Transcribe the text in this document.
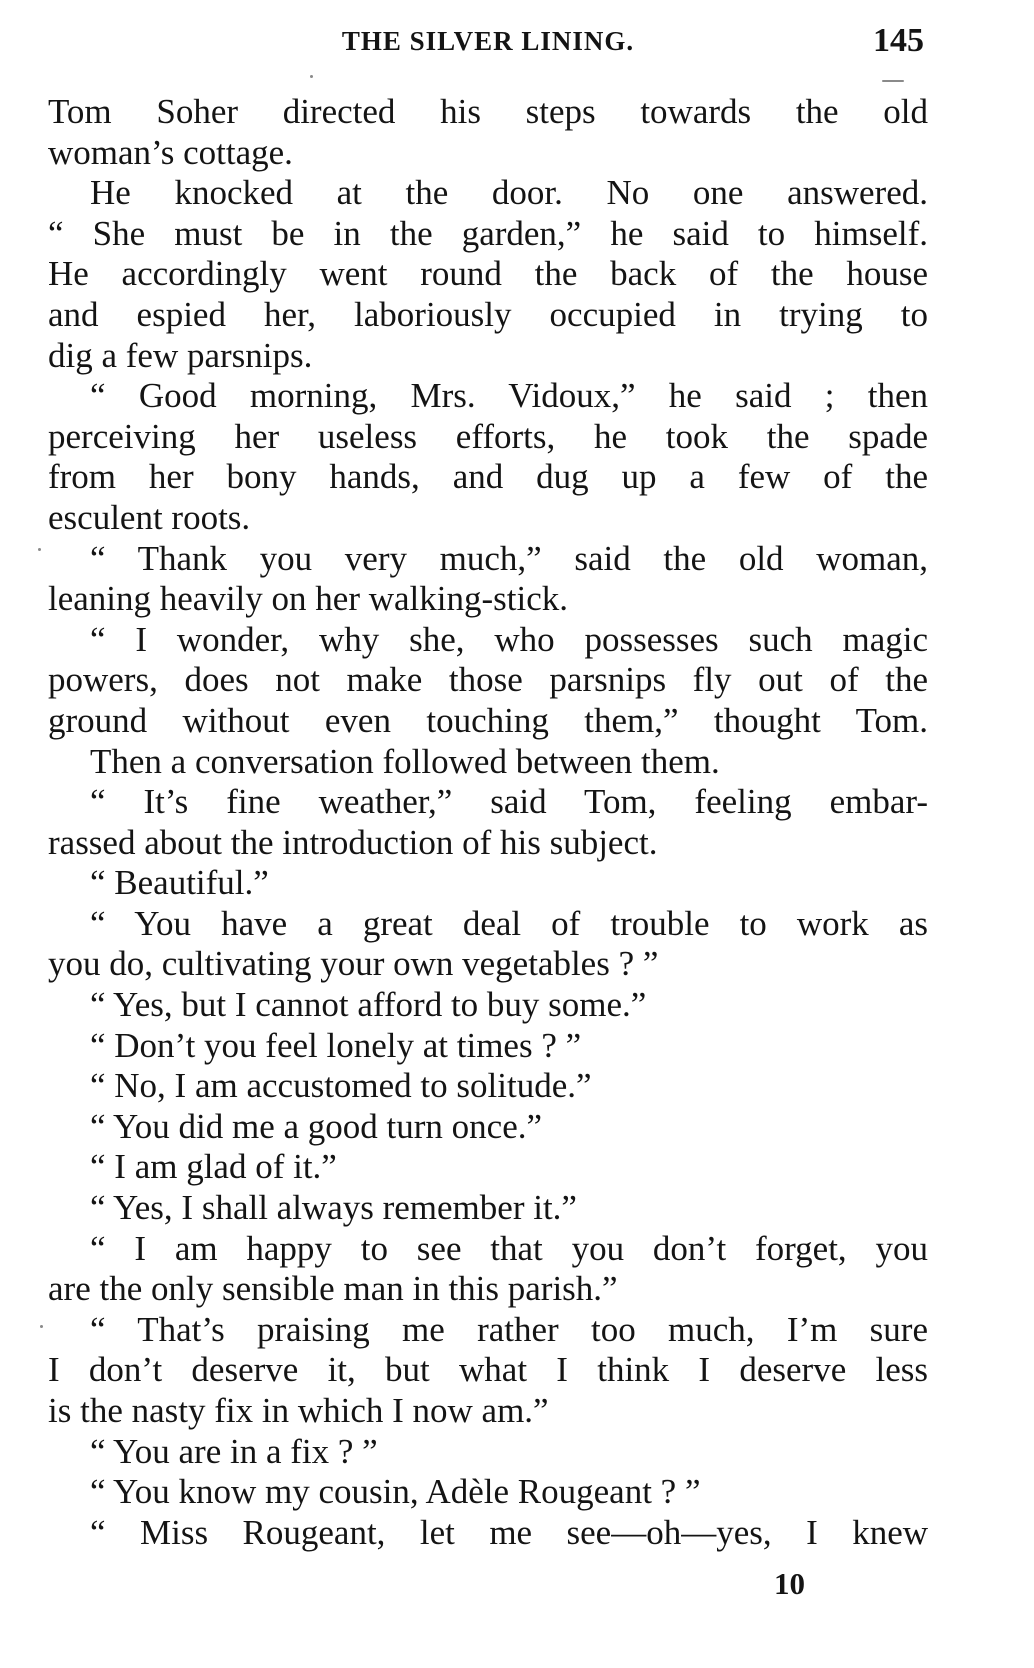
THE SILVER LINING.	145
Tom Soher directed his steps towards the old
woman’s cottage.
He knocked at the door. No one answered.
“ She must be in the garden,” he said to himself.
He accordingly went round the back of the house
and espied her, laboriously occupied in trying to
dig a few parsnips.
“ Good morning, Mrs. Vidoux,” he said ; then
perceiving her useless efforts, he took the spade
from her bony hands, and dug up a few of the
esculent roots.
“ Thank you very much,” said the old woman,
leaning heavily on her walking-stick.
“ I wonder, why she, who possesses such magic
powers, does not make those parsnips fly out of the
ground without even touching them,” thought Tom.
Then a conversation followed between them.
“ It’s fine weather,” said Tom, feeling embar-
rassed about the introduction of his subject.
“ Beautiful.”
“ You have a great deal of trouble to work as
you do, cultivating your own vegetables ? ”
“ Yes, but I cannot afford to buy some.”
“ Don’t you feel lonely at times ? ”
“ No, I am accustomed to solitude.”
“ You did me a good turn once.”
“ I am glad of it.”
“ Yes, I shall always remember it.”
“ I am happy to see that you don’t forget, you
are the only sensible man in this parish.”
“ That’s praising me rather too much, I’m sure
I don’t deserve it, but what I think I deserve less
is the nasty fix in which I now am.”
“ You are in a fix ? ”
“ You know my cousin, Adèle Rougeant ? ”
“ Miss Rougeant, let me see—oh—yes, I knew
10
